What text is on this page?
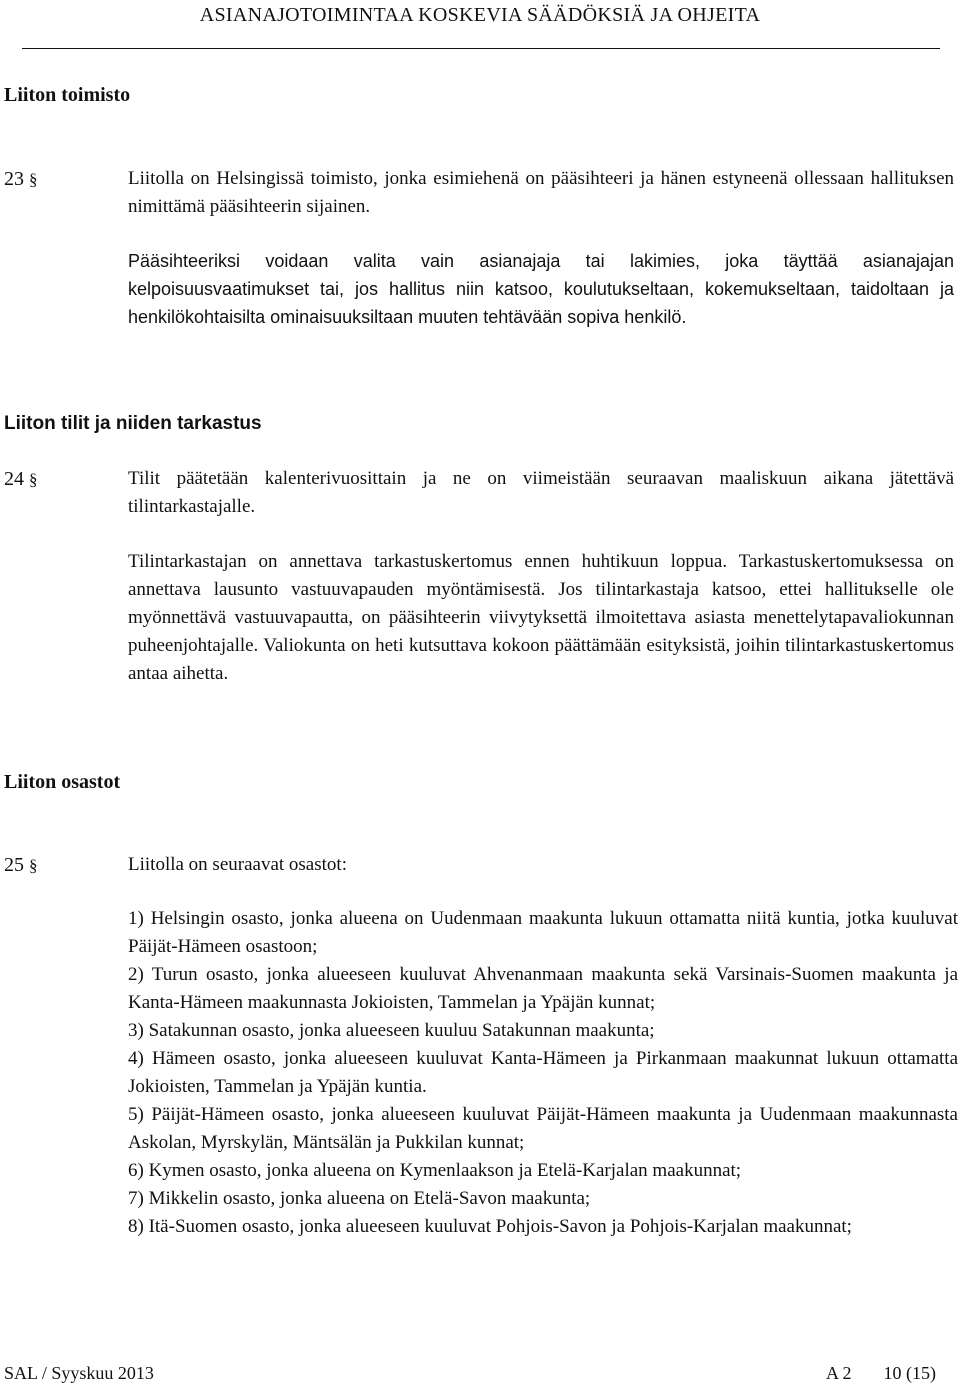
ASIANAJOTOIMINTAA KOSKEVIA SÄÄDÖKSIÄ JA OHJEITA
Liiton toimisto
23 §	Liitolla on Helsingissä toimisto, jonka esimiehenä on pääsihteeri ja hänen estyneenä ollessaan hallituksen nimittämä pääsihteerin sijainen.

Pääsihteeriksi voidaan valita vain asianajaja tai lakimies, joka täyttää asianajajan kelpoisuusvaatimukset tai, jos hallitus niin katsoo, koulutukseltaan, kokemukseltaan, taidoltaan ja henkilökohtaisilta ominaisuuksiltaan muuten tehtävään sopiva henkilö.

Liiton tilit ja niiden tarkastus
24 §	Tilit päätetään kalenterivuosittain ja ne on viimeistään seuraavan maaliskuun aikana jätettävä tilintarkastajalle.

Tilintarkastajan on annettava tarkastuskertomus ennen huhtikuun loppua. Tarkastuskertomuksessa on annettava lausunto vastuuvapauden myöntämisestä. Jos tilintarkastaja katsoo, ettei hallitukselle ole myönnettävä vastuuvapautta, on pääsihteerin viivytyksettä ilmoitettava asiasta menettelytapavaliokunnan puheenjohtajalle. Valiokunta on heti kutsuttava kokoon päättämään esityksistä, joihin tilintarkastuskertomus antaa aihetta.

Liiton osastot
25 §	Liitolla on seuraavat osastot:

1) Helsingin osasto, jonka alueena on Uudenmaan maakunta lukuun ottamatta niitä kuntia, jotka kuuluvat Päijät-Hämeen osastoon;
2) Turun osasto, jonka alueeseen kuuluvat Ahvenanmaan maakunta sekä Varsinais-Suomen maakunta ja Kanta-Hämeen maakunnasta Jokioisten, Tammelan ja Ypäjän kunnat;
3) Satakunnan osasto, jonka alueeseen kuuluu Satakunnan maakunta;
4) Hämeen osasto, jonka alueeseen kuuluvat Kanta-Hämeen ja Pirkanmaan maakunnat lukuun ottamatta Jokioisten, Tammelan ja Ypäjän kuntia.
5) Päijät-Hämeen osasto, jonka alueeseen kuuluvat Päijät-Hämeen maakunta ja Uudenmaan maakunnasta Askolan, Myrskylän, Mäntsälän ja Pukkilan kunnat;
6) Kymen osasto, jonka alueena on Kymenlaakson ja Etelä-Karjalan maakunnat;
7) Mikkelin osasto, jonka alueena on Etelä-Savon maakunta;
8) Itä-Suomen osasto, jonka alueeseen kuuluvat Pohjois-Savon ja Pohjois-Karjalan maakunnat;
SAL / Syyskuu 2013	A 2 10 (15)
